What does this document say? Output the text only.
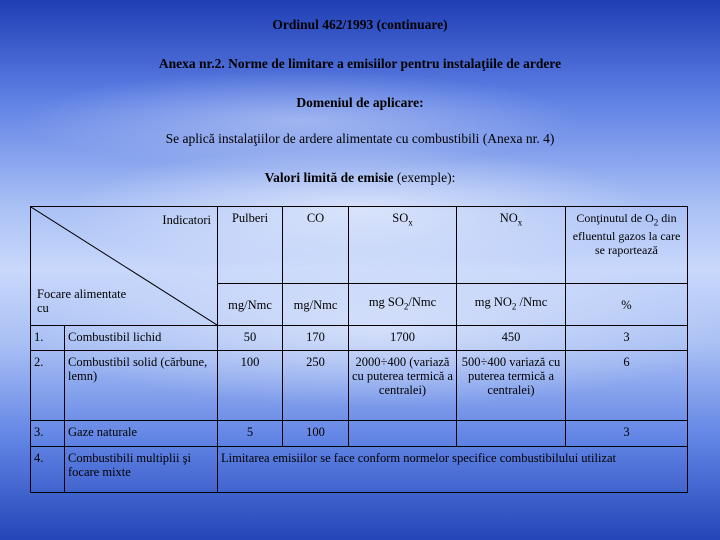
Ordinul 462/1993 (continuare)
Anexa nr.2. Norme de limitare a emisiilor pentru instalaţiile de ardere
Domeniul de aplicare:
Se aplică instalaţiilor de ardere alimentate cu combustibili (Anexa nr. 4)
Valori limită de emisie (exemple):
Indicatori
Focare alimentate cu		Pulberi	CO	$SO_x$	$NO_x$	Conţinutul de $O_2$ din efluentul gazos la care se raportează
		mg/Nmc	mg/Nmc	mg $SO_2$/Nmc	mg $NO_2$ /Nmc	%
1.	Combustibil lichid	50	170	1700	450	3
2.	Combustibil solid (cărbune, lemn)	100	250	2000÷400 (variază cu puterea termică a centralei)	500÷400 variază cu puterea termică a centralei)	6
3.	Gaze naturale	5	100			3
4.	Combustibili multiplii şi focare mixte	Limitarea emisiilor se face conform normelor specifice combustibilului utilizat				
